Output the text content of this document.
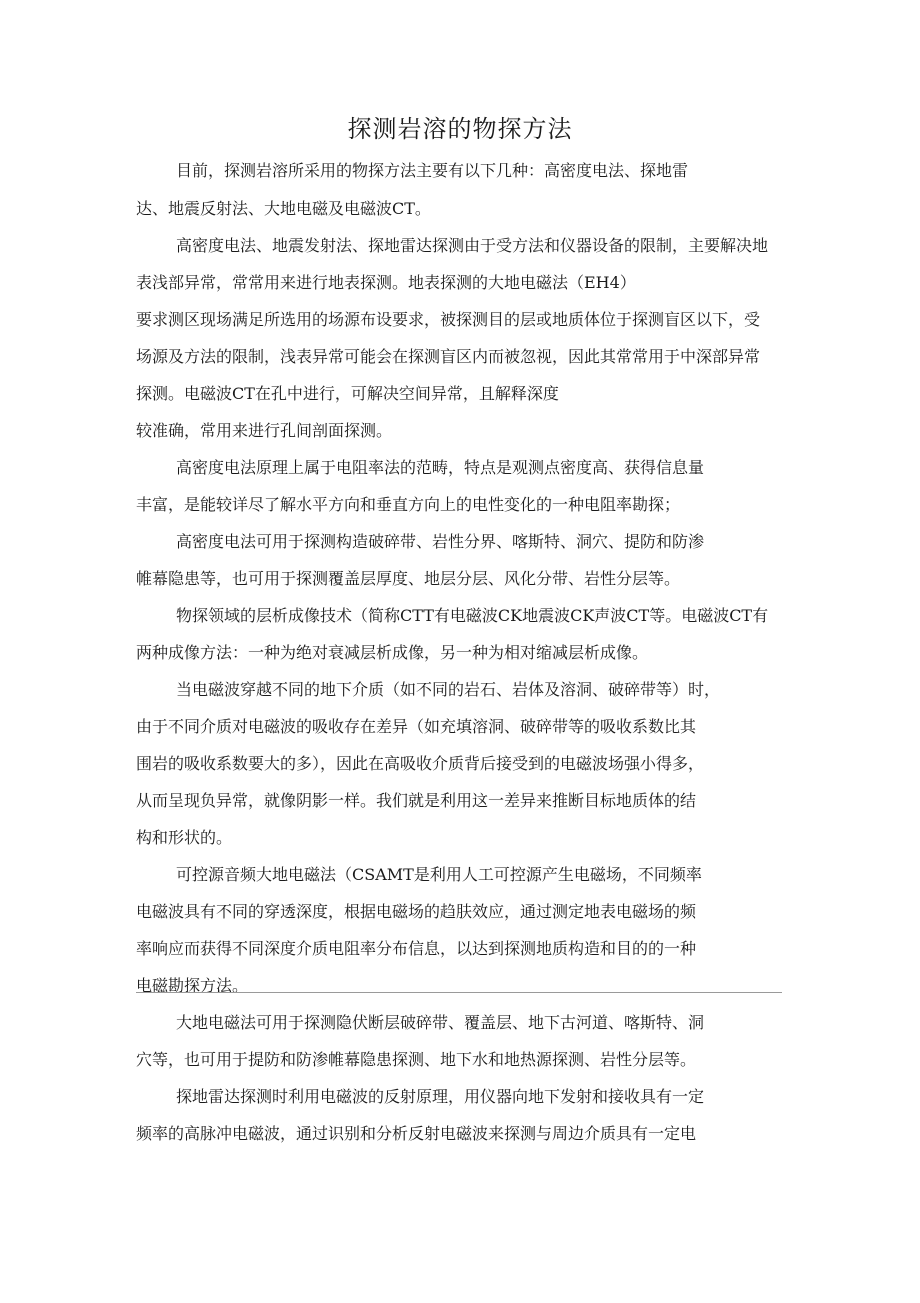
探测岩溶的物探方法
目前，探测岩溶所采用的物探方法主要有以下几种：高密度电法、探地雷
达、地震反射法、大地电磁及电磁波CT。
高密度电法、地震发射法、探地雷达探测由于受方法和仪器设备的限制，主要解决地
表浅部异常，常常用来进行地表探测。地表探测的大地电磁法（EH4）
要求测区现场满足所选用的场源布设要求，被探测目的层或地质体位于探测盲区以下，受
场源及方法的限制，浅表异常可能会在探测盲区内而被忽视，因此其常常用于中深部异常
探测。电磁波CT在孔中进行，可解决空间异常，且解释深度
较准确，常用来进行孔间剖面探测。
高密度电法原理上属于电阻率法的范畴，特点是观测点密度高、获得信息量
丰富，是能较详尽了解水平方向和垂直方向上的电性变化的一种电阻率勘探；
高密度电法可用于探测构造破碎带、岩性分界、喀斯特、洞穴、提防和防渗
帷幕隐患等，也可用于探测覆盖层厚度、地层分层、风化分带、岩性分层等。
物探领域的层析成像技术（简称CTT有电磁波CK地震波CK声波CT等。电磁波CT有
两种成像方法：一种为绝对衰减层析成像，另一种为相对缩减层析成像。
当电磁波穿越不同的地下介质（如不同的岩石、岩体及溶洞、破碎带等）时，
由于不同介质对电磁波的吸收存在差异（如充填溶洞、破碎带等的吸收系数比其
围岩的吸收系数要大的多），因此在高吸收介质背后接受到的电磁波场强小得多，
从而呈现负异常，就像阴影一样。我们就是利用这一差异来推断目标地质体的结
构和形状的。
可控源音频大地电磁法（CSAMT是利用人工可控源产生电磁场，不同频率
电磁波具有不同的穿透深度，根据电磁场的趋肤效应，通过测定地表电磁场的频
率响应而获得不同深度介质电阻率分布信息，以达到探测地质构造和目的的一种
电磁勘探方法。
大地电磁法可用于探测隐伏断层破碎带、覆盖层、地下古河道、喀斯特、洞
穴等，也可用于提防和防渗帷幕隐患探测、地下水和地热源探测、岩性分层等。
探地雷达探测时利用电磁波的反射原理，用仪器向地下发射和接收具有一定
频率的高脉冲电磁波，通过识别和分析反射电磁波来探测与周边介质具有一定电
